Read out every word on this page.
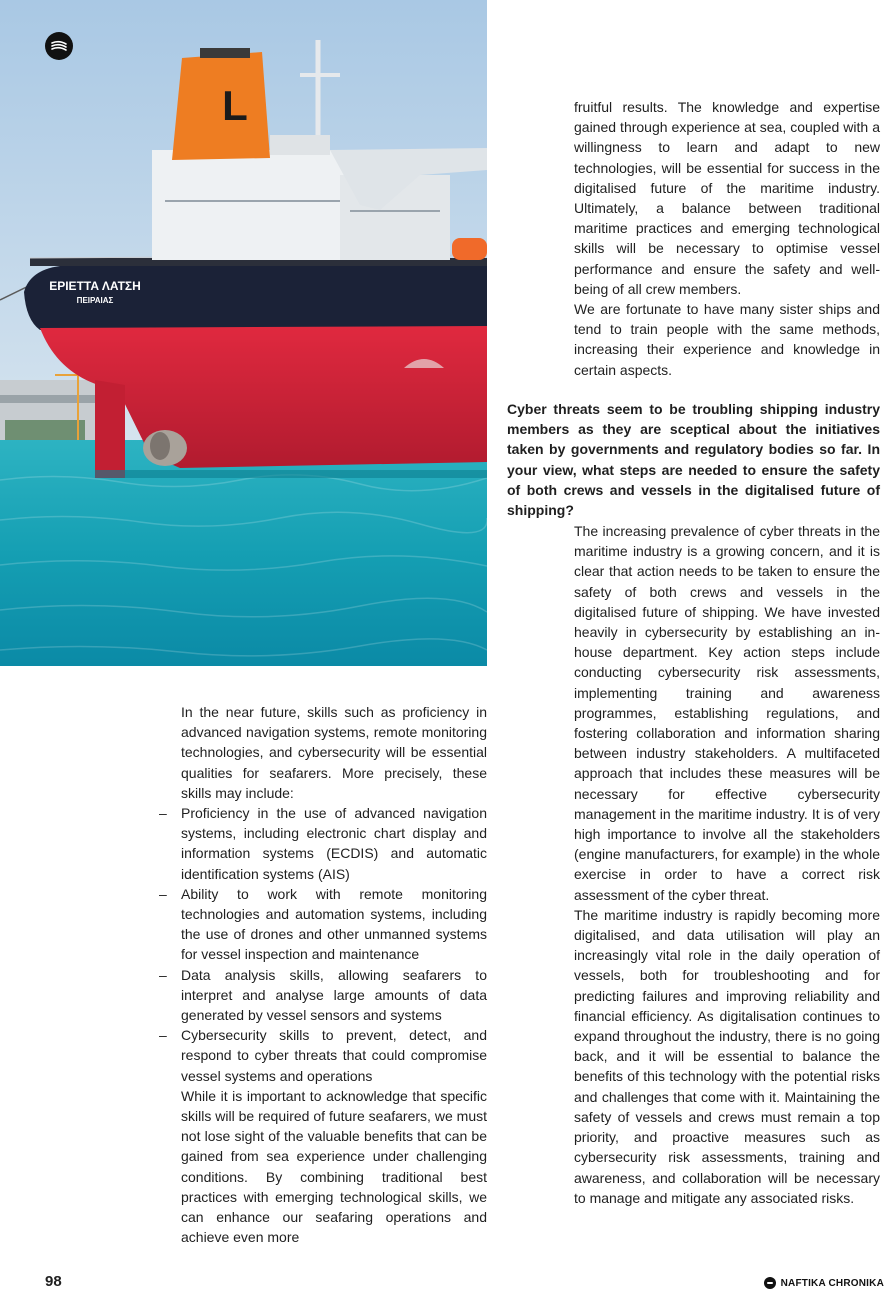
L
ΕΡΙΕΤΤΑ ΛΑΤΣΗ
ΠΕΙΡΑΙΑΣ

In the near future, skills such as proficiency in advanced navigation systems, remote monitoring technologies, and cybersecurity will be essential qualities for seafarers. More precisely, these skills may include:

– Proficiency in the use of advanced navigation systems, including electronic chart display and information systems (ECDIS) and automatic identification systems (AIS)
– Ability to work with remote monitoring technologies and automation systems, including the use of drones and other unmanned systems for vessel inspection and maintenance
– Data analysis skills, allowing seafarers to interpret and analyse large amounts of data generated by vessel sensors and systems
– Cybersecurity skills to prevent, detect, and respond to cyber threats that could compromise vessel systems and operations

While it is important to acknowledge that specific skills will be required of future seafarers, we must not lose sight of the valuable benefits that can be gained from sea experience under challenging conditions. By combining traditional best practices with emerging technological skills, we can enhance our seafaring operations and achieve even more

fruitful results. The knowledge and expertise gained through experience at sea, coupled with a willingness to learn and adapt to new technologies, will be essential for success in the digitalised future of the maritime industry. Ultimately, a balance between traditional maritime practices and emerging technological skills will be necessary to optimise vessel performance and ensure the safety and well-being of all crew members.

We are fortunate to have many sister ships and tend to train people with the same methods, increasing their experience and knowledge in certain aspects.

Cyber threats seem to be troubling shipping industry members as they are sceptical about the initiatives taken by governments and regulatory bodies so far. In your view, what steps are needed to ensure the safety of both crews and vessels in the digitalised future of shipping?

The increasing prevalence of cyber threats in the maritime industry is a growing concern, and it is clear that action needs to be taken to ensure the safety of both crews and vessels in the digitalised future of shipping. We have invested heavily in cybersecurity by establishing an in-house department. Key action steps include conducting cybersecurity risk assessments, implementing training and awareness programmes, establishing regulations, and fostering collaboration and information sharing between industry stakeholders. A multifaceted approach that includes these measures will be necessary for effective cybersecurity management in the maritime industry. It is of very high importance to involve all the stakeholders (engine manufacturers, for example) in the whole exercise in order to have a correct risk assessment of the cyber threat.

The maritime industry is rapidly becoming more digitalised, and data utilisation will play an increasingly vital role in the daily operation of vessels, both for troubleshooting and for predicting failures and improving reliability and financial efficiency. As digitalisation continues to expand throughout the industry, there is no going back, and it will be essential to balance the benefits of this technology with the potential risks and challenges that come with it. Maintaining the safety of vessels and crews must remain a top priority, and proactive measures such as cybersecurity risk assessments, training and awareness, and collaboration will be necessary to manage and mitigate any associated risks.

98	NAFTIKA CHRONIKA
